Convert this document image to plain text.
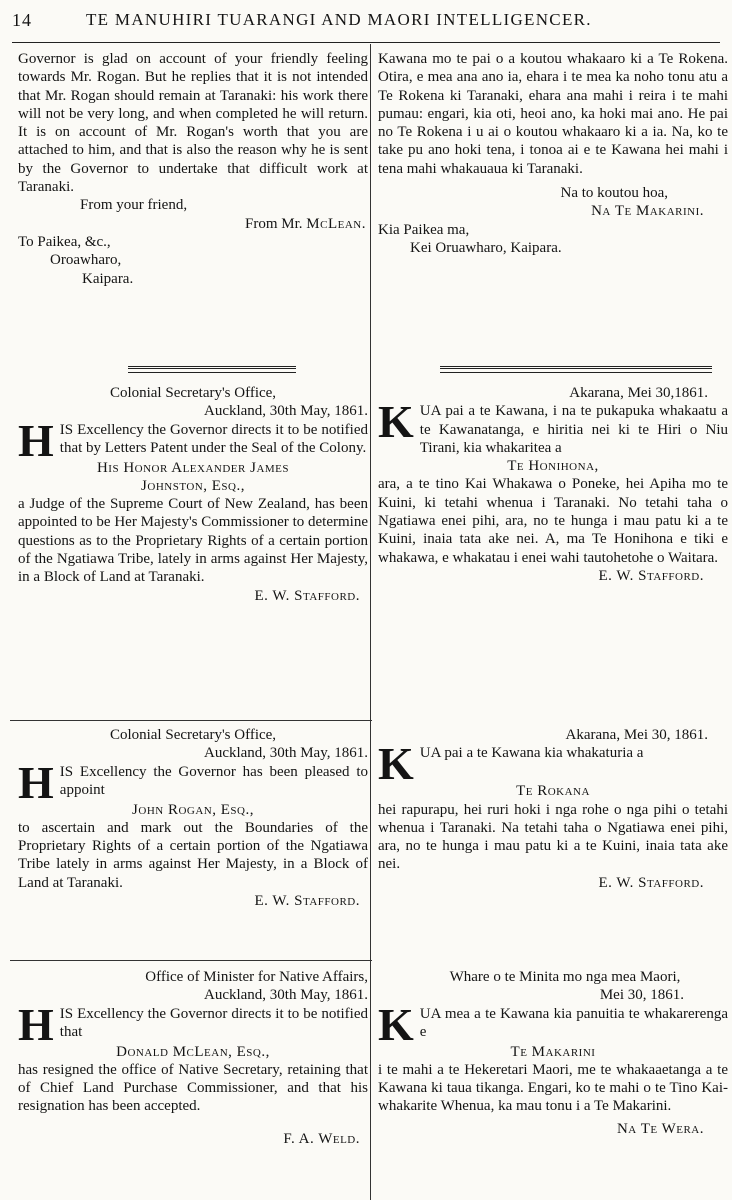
14	TE MANUHIRI TUARANGI AND MAORI INTELLIGENCER.

Governor is glad on account of your friendly feeling towards Mr. Rogan. But he replies that it is not intended that Mr. Rogan should remain at Taranaki: his work there will not be very long, and when completed he will return. It is on account of Mr. Rogan's worth that you are attached to him, and that is also the reason why he is sent by the Governor to undertake that difficult work at Taranaki.

From your friend,

From Mr. McLean.

To Paikea, &c.,

Oroawharo,

Kaipara.

Colonial Secretary's Office,

Auckland, 30th May, 1861.

HIS Excellency the Governor directs it to be notified that by Letters Patent under the Seal of the Colony.

His Honor Alexander James

Johnston, Esq.,

a Judge of the Supreme Court of New Zealand, has been appointed to be Her Majesty's Commissioner to determine questions as to the Proprietary Rights of a certain portion of the Ngatiawa Tribe, lately in arms against Her Majesty, in a Block of Land at Taranaki.

E. W. Stafford.

Colonial Secretary's Office,

Auckland, 30th May, 1861.

HIS Excellency the Governor has been pleased to appoint

John Rogan, Esq.,

to ascertain and mark out the Boundaries of the Proprietary Rights of a certain portion of the Ngatiawa Tribe lately in arms against Her Majesty, in a Block of Land at Taranaki.

E. W. Stafford.

Office of Minister for Native Affairs,

Auckland, 30th May, 1861.

HIS Excellency the Governor directs it to be notified that

Donald McLean, Esq.,

has resigned the office of Native Secretary, retaining that of Chief Land Purchase Commissioner, and that his resignation has been accepted.

F. A. Weld.

Kawana mo te pai o a koutou whakaaro ki a Te Rokena. Otira, e mea ana ano ia, ehara i te mea ka noho tonu atu a Te Rokena ki Taranaki, ehara ana mahi i reira i te mahi pumau: engari, kia oti, heoi ano, ka hoki mai ano. He pai no Te Rokena i u ai o koutou whakaaro ki a ia. Na, ko te take pu ano hoki tena, i tonoa ai e te Kawana hei mahi i tena mahi whakauaua ki Taranaki.

Na to koutou hoa,

Na Te Makarini.

Kia Paikea ma,

Kei Oruawharo, Kaipara.

Akarana, Mei 30,1861.

KUA pai a te Kawana, i na te pukapuka whakaatu a te Kawanatanga, e hiritia nei ki te Hiri o Niu Tirani, kia whakaritea a

Te Honihona,

ara, a te tino Kai Whakawa o Poneke, hei Apiha mo te Kuini, ki tetahi whenua i Taranaki. No tetahi taha o Ngatiawa enei pihi, ara, no te hunga i mau patu ki a te Kuini, inaia tata ake nei. A, ma Te Honihona e tiki e whakawa, e whakatau i enei wahi tautohetohe o Waitara.

E. W. Stafford.

Akarana, Mei 30, 1861.

KUA pai a te Kawana kia whakaturia a

Te Rokana

hei rapurapu, hei ruri hoki i nga rohe o nga pihi o tetahi whenua i Taranaki. Na tetahi taha o Ngatiawa enei pihi, ara, no te hunga i mau patu ki a te Kuini, inaia tata ake nei.

E. W. Stafford.

Whare o te Minita mo nga mea Maori,

Mei 30, 1861.

KUA mea a te Kawana kia panuitia te whakarerenga e

Te Makarini

i te mahi a te Hekeretari Maori, me te whakaaetanga a te Kawana ki taua tikanga. Engari, ko te mahi o te Tino Kai-whakarite Whenua, ka mau tonu i a Te Makarini.

Na Te Wera.
